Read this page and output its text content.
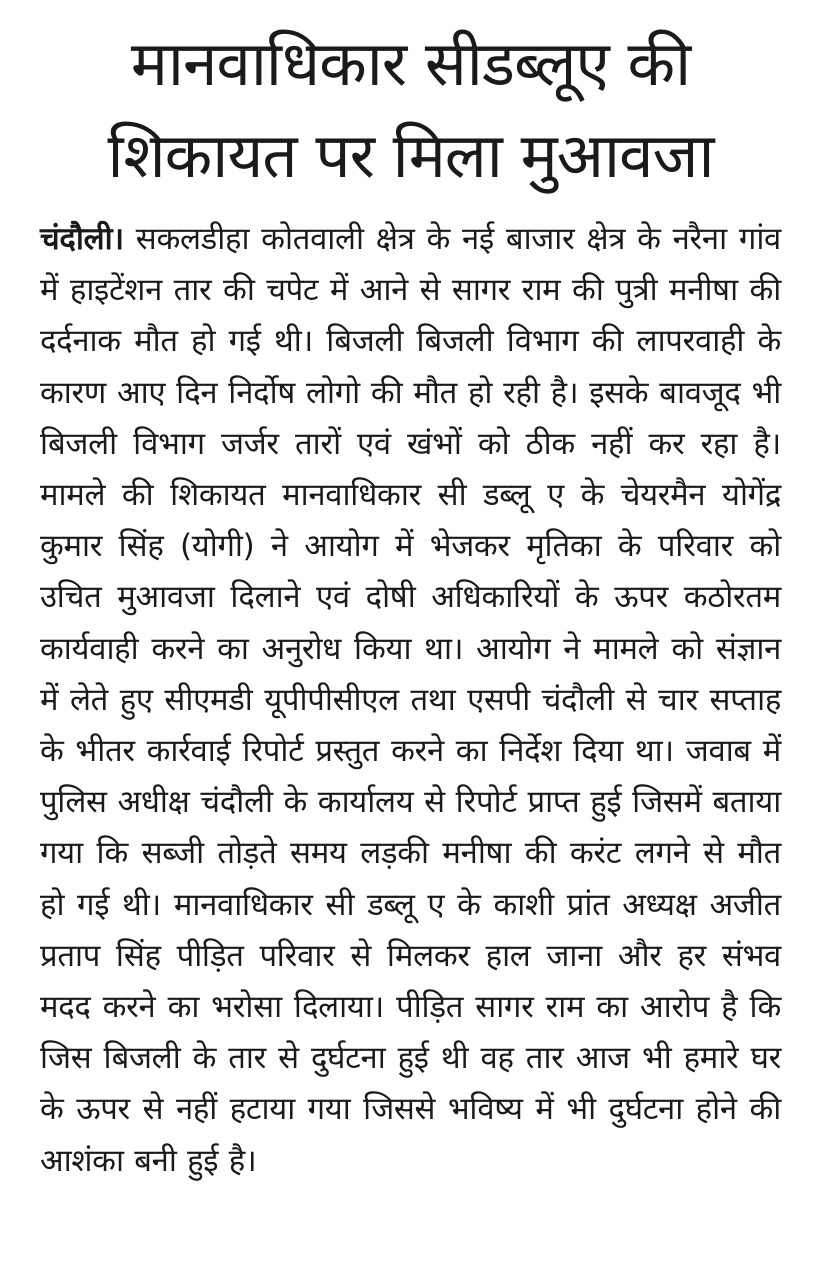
मानवाधिकार सीडब्लूए की
शिकायत पर मिला मुआवजा

चंदौली। सकलडीहा कोतवाली क्षेत्र के नई बाजार क्षेत्र के नरैना गांव में हाइटेंशन तार की चपेट में आने से सागर राम की पुत्री मनीषा की दर्दनाक मौत हो गई थी। बिजली बिजली विभाग की लापरवाही के कारण आए दिन निर्दोष लोगो की मौत हो रही है। इसके बावजूद भी बिजली विभाग जर्जर तारों एवं खंभों को ठीक नहीं कर रहा है। मामले की शिकायत मानवाधिकार सी डब्लू ए के चेयरमैन योगेंद्र कुमार सिंह (योगी) ने आयोग में भेजकर मृतिका के परिवार को उचित मुआवजा दिलाने एवं दोषी अधिकारियों के ऊपर कठोरतम कार्यवाही करने का अनुरोध किया था। आयोग ने मामले को संज्ञान में लेते हुए सीएमडी यूपीपीसीएल तथा एसपी चंदौली से चार सप्ताह के भीतर कार्रवाई रिपोर्ट प्रस्तुत करने का निर्देश दिया था। जवाब में पुलिस अधीक्ष चंदौली के कार्यालय से रिपोर्ट प्राप्त हुई जिसमें बताया गया कि सब्जी तोड़ते समय लड़की मनीषा की करंट लगने से मौत हो गई थी। मानवाधिकार सी डब्लू ए के काशी प्रांत अध्यक्ष अजीत प्रताप सिंह पीड़ित परिवार से मिलकर हाल जाना और हर संभव मदद करने का भरोसा दिलाया। पीड़ित सागर राम का आरोप है कि जिस बिजली के तार से दुर्घटना हुई थी वह तार आज भी हमारे घर के ऊपर से नहीं हटाया गया जिससे भविष्य में भी दुर्घटना होने की आशंका बनी हुई है।
